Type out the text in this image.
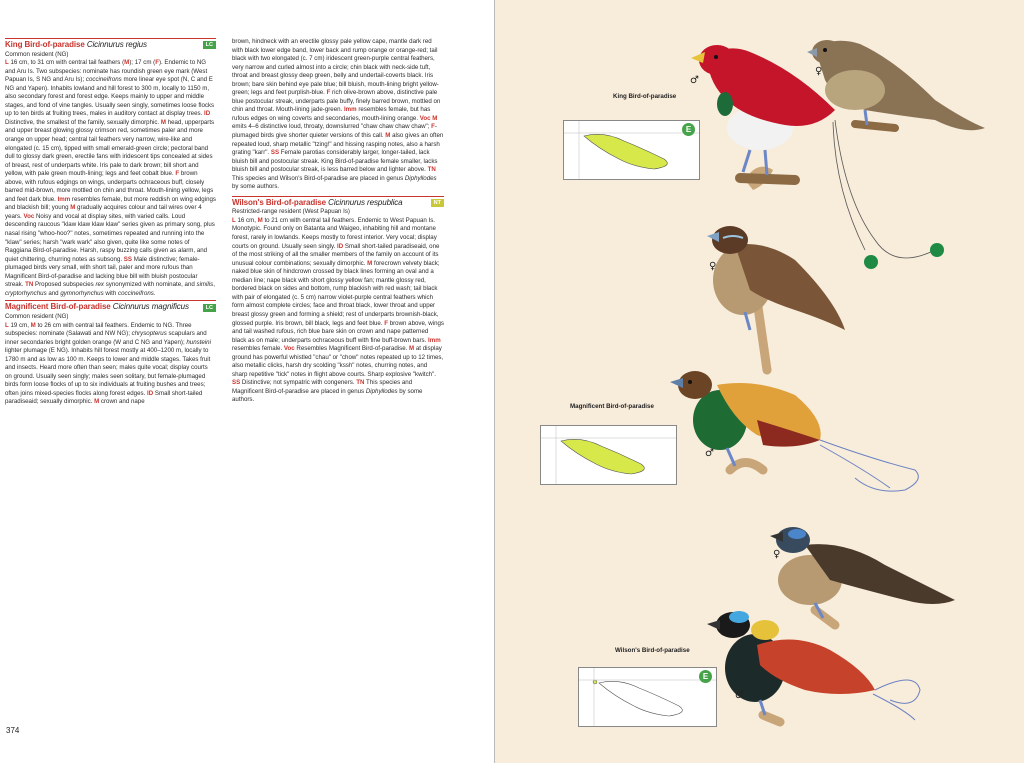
King Bird-of-paradise Cicinnurus regius	LC
Common resident (NG)
L 16 cm, to 31 cm with central tail feathers (M); 17 cm (F). Endemic to NG and Aru Is. Two subspecies: nominate has roundish green eye mark (West Papuan Is, S NG and Aru Is); coccineifrons more linear eye spot (N, C and E NG and Yapen). Inhabits lowland and hill forest to 300 m, locally to 1150 m, also secondary forest and forest edge. Keeps mainly to upper and middle stages, and fond of vine tangles. Usually seen singly, sometimes loose flocks up to ten birds at fruiting trees, males in auditory contact at display trees. ID Distinctive, the smallest of the family, sexually dimorphic. M head, upperparts and upper breast glowing glossy crimson red, sometimes paler and more orange on upper head; central tail feathers very narrow, wire-like and elongated (c. 15 cm), tipped with small emerald-green circle; pectoral band dull to glossy dark green, erectile fans with iridescent tips concealed at sides of breast, rest of underparts white. Iris pale to dark brown; bill short and yellow, with pale green mouth-lining; legs and feet cobalt blue. F brown above, with rufous edgings on wings, underparts ochraceous buff, closely barred mid-brown, more mottled on chin and throat. Mouth-lining yellow, legs and feet dark blue. Imm resembles female, but more reddish on wing edgings and blackish bill; young M gradually acquires colour and tail wires over 4 years. Voc Noisy and vocal at display sites, with varied calls. Loud descending raucous "klaw klaw klaw klaw" series given as primary song, plus nasal rising "whoo-hoo?" notes, sometimes repeated and running into the "klaw" series; harsh "wark wark" also given, quite like some notes of Raggiana Bird-of-paradise. Harsh, raspy buzzing calls given as alarm, and quiet chittering, churring notes as subsong. SS Male distinctive; female-plumaged birds very small, with short tail, paler and more rufous than Magnificent Bird-of-paradise and lacking blue bill with bluish postocular streak. TN Proposed subspecies rex synonymized with nominate, and similis, cryptorhynchus and gymnorhynchus with coccineifrons.
Magnificent Bird-of-paradise Cicinnurus magnificus	LC
Common resident (NG)
L 19 cm, M to 26 cm with central tail feathers. Endemic to NG. Three subspecies: nominate (Salawati and NW NG); chrysopterus scapulars and inner secondaries bright golden orange (W and C NG and Yapen); hunsteini lighter plumage (E NG). Inhabits hill forest mostly at 400–1200 m, locally to 1780 m and as low as 100 m. Keeps to lower and middle stages. Takes fruit and insects. Heard more often than seen; males quite vocal; display courts on ground. Usually seen singly; males seen solitary, but female-plumaged birds form loose flocks of up to six individuals at fruiting bushes and trees; often joins mixed-species flocks along forest edges. ID Small short-tailed paradiseaid; sexually dimorphic. M crown and nape
brown, hindneck with an erectile glossy pale yellow cape, mantle dark red with black lower edge band, lower back and rump orange or orange-red; tail black with two elongated (c. 7 cm) iridescent green-purple central feathers, very narrow and curled almost into a circle; chin black with neck-side tuft, throat and breast glossy deep green, belly and undertail-coverts black. Iris brown; bare skin behind eye pale blue; bill bluish, mouth-lining bright yellow-green; legs and feet purplish-blue. F rich olive-brown above, distinctive pale blue postocular streak, underparts pale buffy, finely barred brown, mottled on chin and throat. Mouth-lining jade-green. Imm resembles female, but has rufous edges on wing coverts and secondaries, mouth-lining orange. Voc M emits 4–6 distinctive loud, throaty, downslurred "chaw chaw chaw chaw"; F-plumaged birds give shorter quieter versions of this call. M also gives an often repeated loud, sharp metallic "tzing!" and hissing rasping notes, also a harsh grating "karr". SS Female parotias considerably larger, longer-tailed, lack bluish bill and postocular streak. King Bird-of-paradise female smaller, lacks bluish bill and postocular streak, is less barred below and lighter above. TN This species and Wilson's Bird-of-paradise are placed in genus Diphyllodes by some authors.
Wilson's Bird-of-paradise Cicinnurus respublica	NT
Restricted-range resident (West Papuan Is)
L 16 cm, M to 21 cm with central tail feathers. Endemic to West Papuan Is. Monotypic. Found only on Batanta and Waigeo, inhabiting hill and montane forest, rarely in lowlands. Keeps mostly to forest interior. Very vocal; display courts on ground. Usually seen singly. ID Small short-tailed paradiseaid, one of the most striking of all the smaller members of the family on account of its unusual colour combinations; sexually dimorphic. M forecrown velvety black; naked blue skin of hindcrown crossed by black lines forming an oval and a median line; nape black with short glossy yellow fan; mantle glossy red, bordered black on sides and bottom, rump blackish with red wash; tail black with pair of elongated (c. 5 cm) narrow violet-purple central feathers which form almost complete circles; face and throat black, lower throat and upper breast glossy green and forming a shield; rest of underparts brownish-black, glossed purple. Iris brown, bill black, legs and feet blue. F brown above, wings and tail washed rufous, rich blue bare skin on crown and nape patterned black as on male; underparts ochraceous buff with fine buff-brown bars. Imm resembles female. Voc Resembles Magnificent Bird-of-paradise. M at display ground has powerful whistled "chau" or "chow" notes repeated up to 12 times, also metallic clicks, harsh dry scolding "kssh" notes, churring notes, and sharp repetitive "tick" notes in flight above courts. Sharp explosive "kwitch". SS Distinctive; not sympatric with congeners. TN This species and Magnificent Bird-of-paradise are placed in genus Diphyllodes by some authors.
374
E
E
King Bird-of-paradise
Magnificent Bird-of-paradise
Wilson's Bird-of-paradise
♂
♀
♀
♂
♀
♂
